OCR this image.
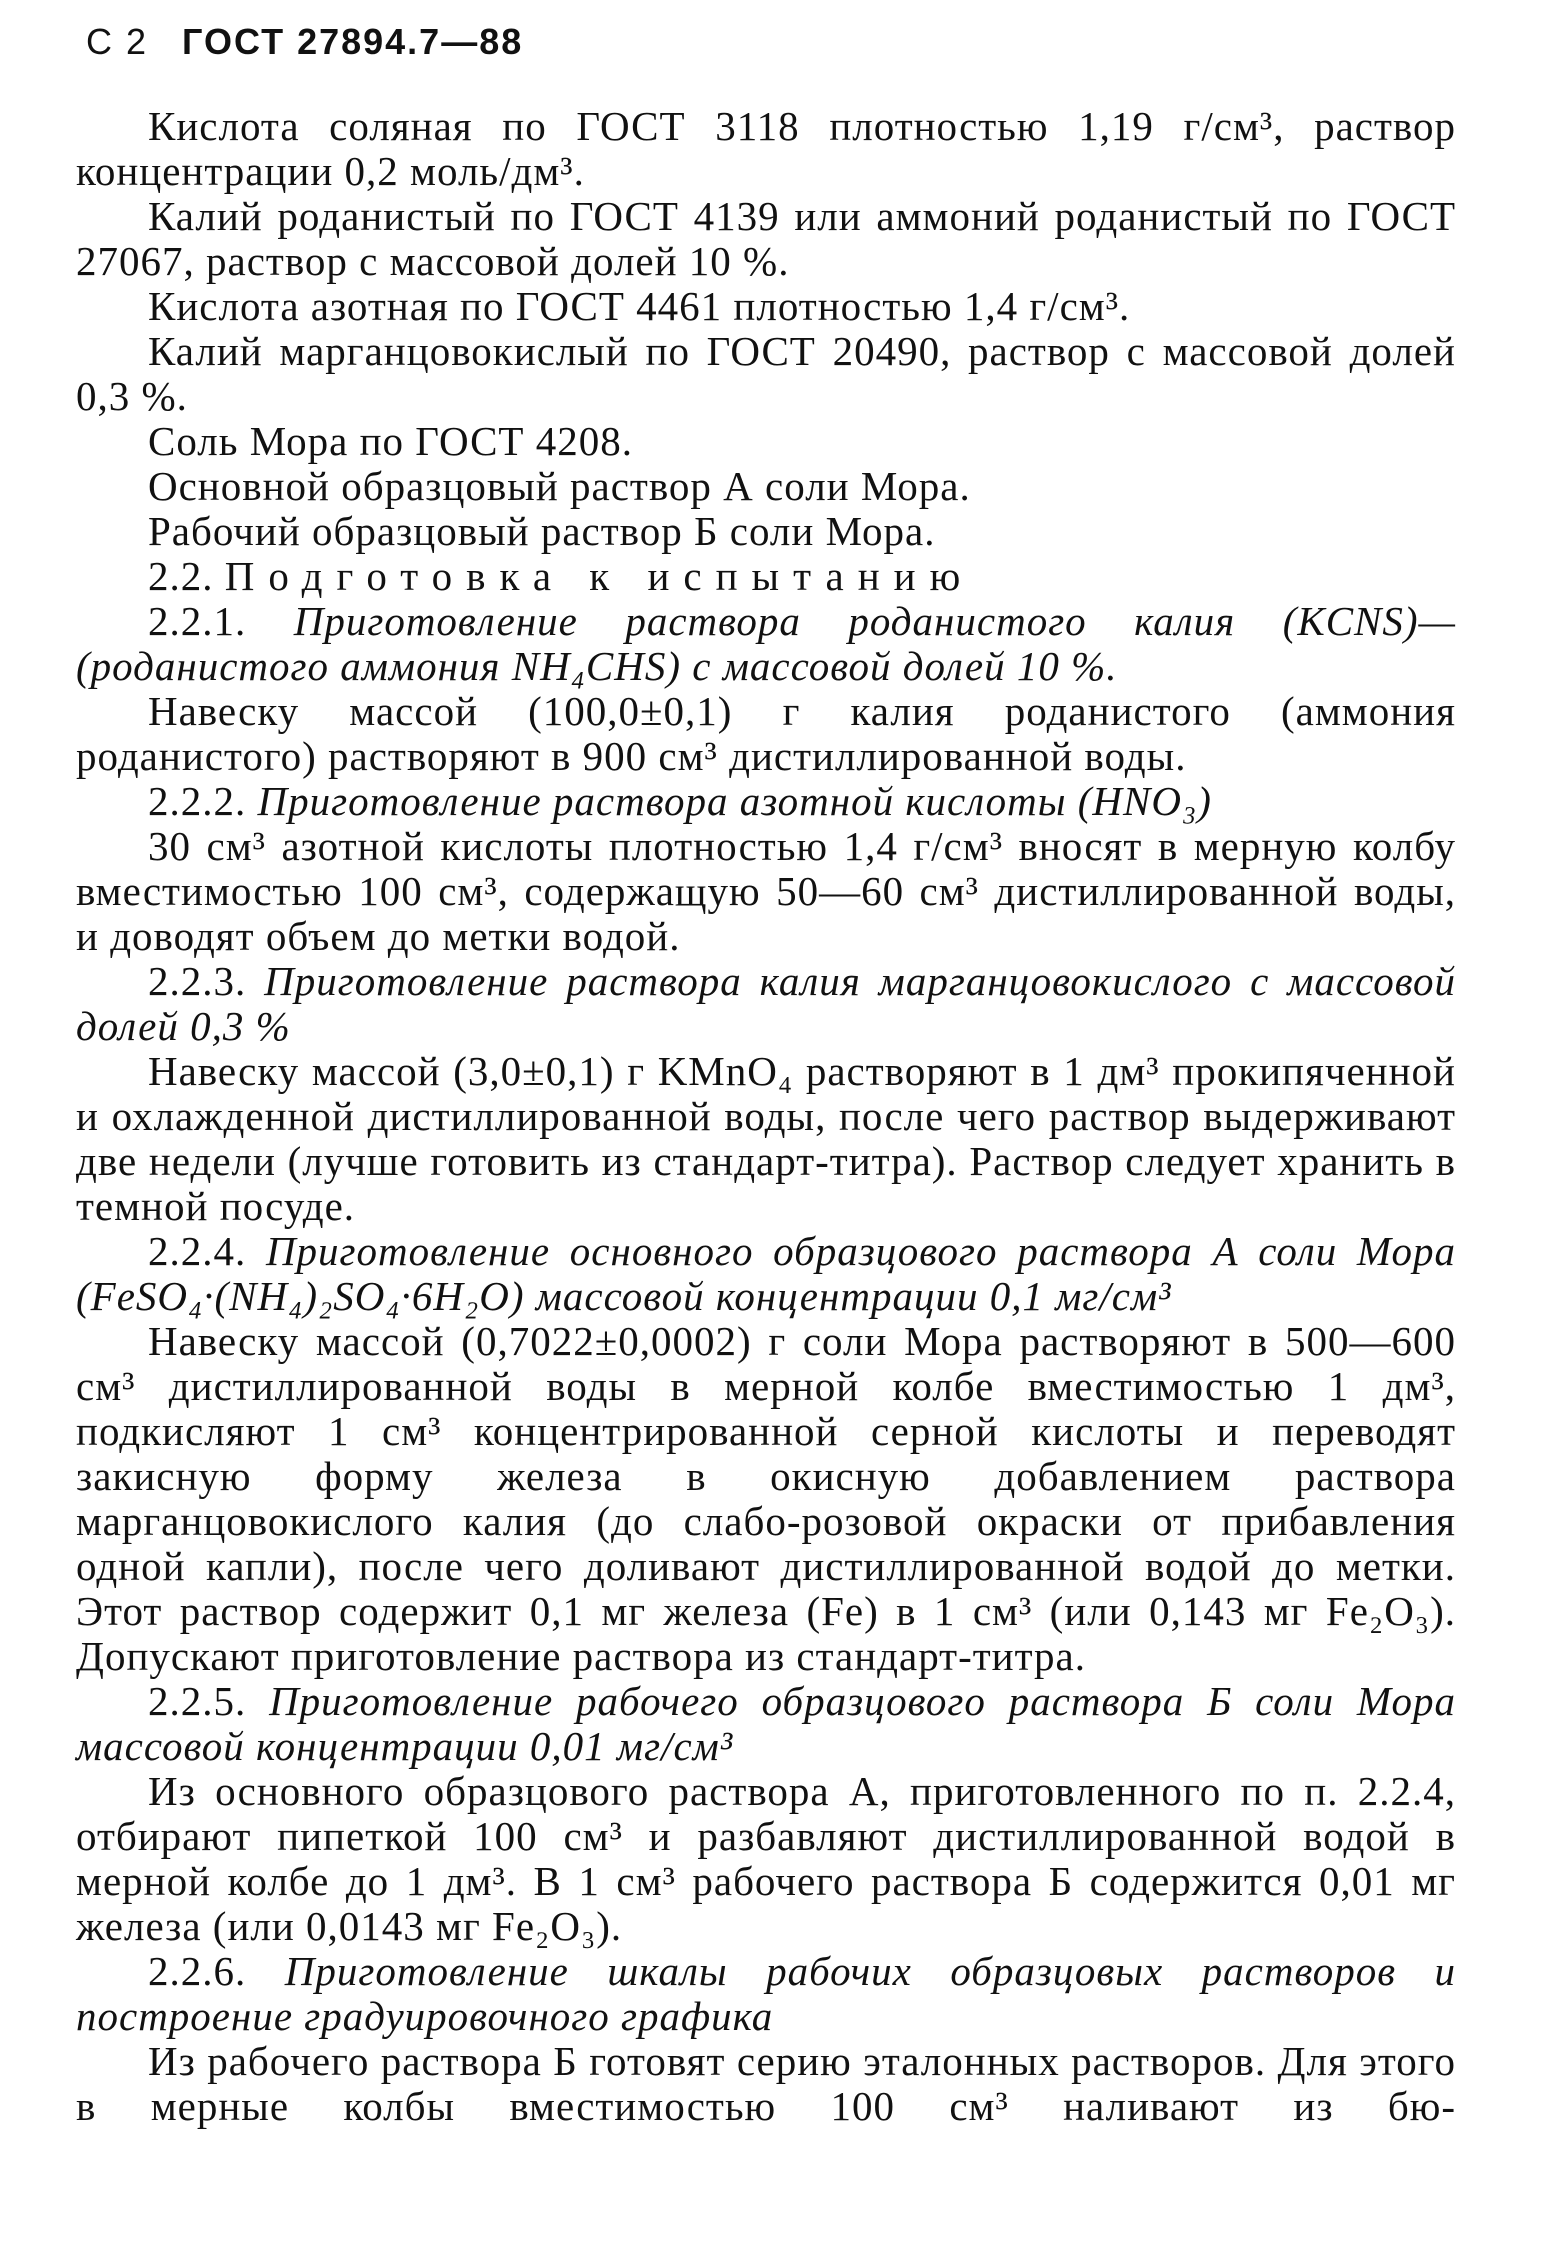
С 2 ГОСТ 27894.7—88

Кислота соляная по ГОСТ 3118 плотностью 1,19 г/см³, раствор концентрации 0,2 моль/дм³.

Калий роданистый по ГОСТ 4139 или аммоний роданистый по ГОСТ 27067, раствор с массовой долей 10 %.

Кислота азотная по ГОСТ 4461 плотностью 1,4 г/см³.

Калий марганцовокислый по ГОСТ 20490, раствор с массовой долей 0,3 %.

Соль Мора по ГОСТ 4208.

Основной образцовый раствор А соли Мора.

Рабочий образцовый раствор Б соли Мора.

2.2. Подготовка к испытанию

2.2.1. Приготовление раствора роданистого калия (KCNS)— (роданистого аммония NH₄CHS) с массовой долей 10 %.

Навеску массой (100,0±0,1) г калия роданистого (аммония роданистого) растворяют в 900 см³ дистиллированной воды.

2.2.2. Приготовление раствора азотной кислоты (HNO₃)

30 см³ азотной кислоты плотностью 1,4 г/см³ вносят в мерную колбу вместимостью 100 см³, содержащую 50—60 см³ дистиллированной воды, и доводят объем до метки водой.

2.2.3. Приготовление раствора калия марганцовокислого с массовой долей 0,3 %

Навеску массой (3,0±0,1) г KMnO₄ растворяют в 1 дм³ прокипяченной и охлажденной дистиллированной воды, после чего раствор выдерживают две недели (лучше готовить из стандарт-титра). Раствор следует хранить в темной посуде.

2.2.4. Приготовление основного образцового раствора А соли Мора (FeSO₄·(NH₄)₂SO₄·6H₂O) массовой концентрации 0,1 мг/см³

Навеску массой (0,7022±0,0002) г соли Мора растворяют в 500—600 см³ дистиллированной воды в мерной колбе вместимостью 1 дм³, подкисляют 1 см³ концентрированной серной кислоты и переводят закисную форму железа в окисную добавлением раствора марганцовокислого калия (до слабо-розовой окраски от прибавления одной капли), после чего доливают дистиллированной водой до метки. Этот раствор содержит 0,1 мг железа (Fe) в 1 см³ (или 0,143 мг Fe₂O₃). Допускают приготовление раствора из стандарт-титра.

2.2.5. Приготовление рабочего образцового раствора Б соли Мора массовой концентрации 0,01 мг/см³

Из основного образцового раствора А, приготовленного по п. 2.2.4, отбирают пипеткой 100 см³ и разбавляют дистиллированной водой в мерной колбе до 1 дм³. В 1 см³ рабочего раствора Б содержится 0,01 мг железа (или 0,0143 мг Fe₂O₃).

2.2.6. Приготовление шкалы рабочих образцовых растворов и построение градуировочного графика

Из рабочего раствора Б готовят серию эталонных растворов. Для этого в мерные колбы вместимостью 100 см³ наливают из бю-
